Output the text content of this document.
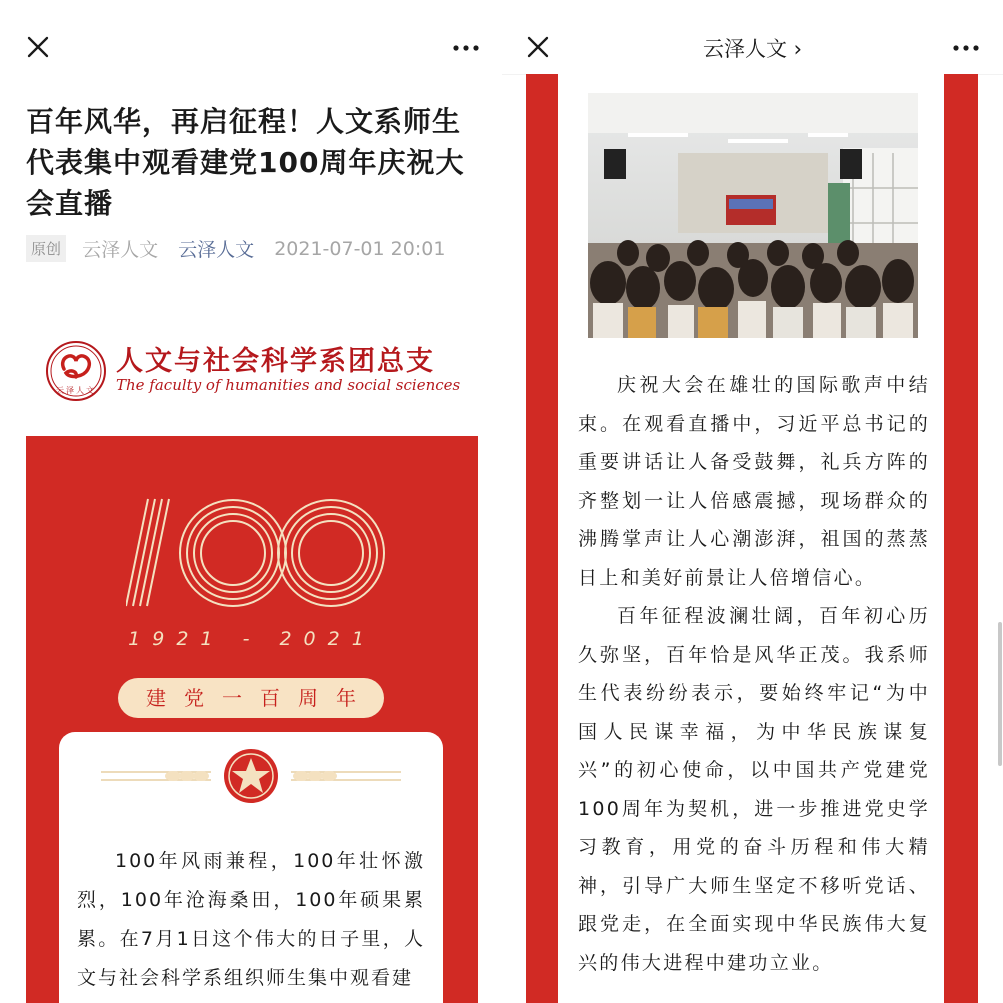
百年风华，再启征程！人文系师生代表集中观看建党100周年庆祝大会直播
原创 云泽人文 云泽人文 2021-07-01 20:01
云泽人文
人文与社会科学系团总支
The faculty of humanities and social sciences
1921 - 2021
建党一百周年
100年风雨兼程，100年壮怀激烈，100年沧海桑田，100年硕果累累。在7月1日这个伟大的日子里，人文与社会科学系组织师生集中观看建
云泽人文 ›

庆祝大会在雄壮的国际歌声中结束。在观看直播中，习近平总书记的重要讲话让人备受鼓舞，礼兵方阵的齐整划一让人倍感震撼，现场群众的沸腾掌声让人心潮澎湃，祖国的蒸蒸日上和美好前景让人倍增信心。

百年征程波澜壮阔，百年初心历久弥坚，百年恰是风华正茂。我系师生代表纷纷表示，要始终牢记“为中国人民谋幸福，为中华民族谋复兴”的初心使命，以中国共产党建党100周年为契机，进一步推进党史学习教育，用党的奋斗历程和伟大精神，引导广大师生坚定不移听党话、跟党走，在全面实现中华民族伟大复兴的伟大进程中建功立业。
